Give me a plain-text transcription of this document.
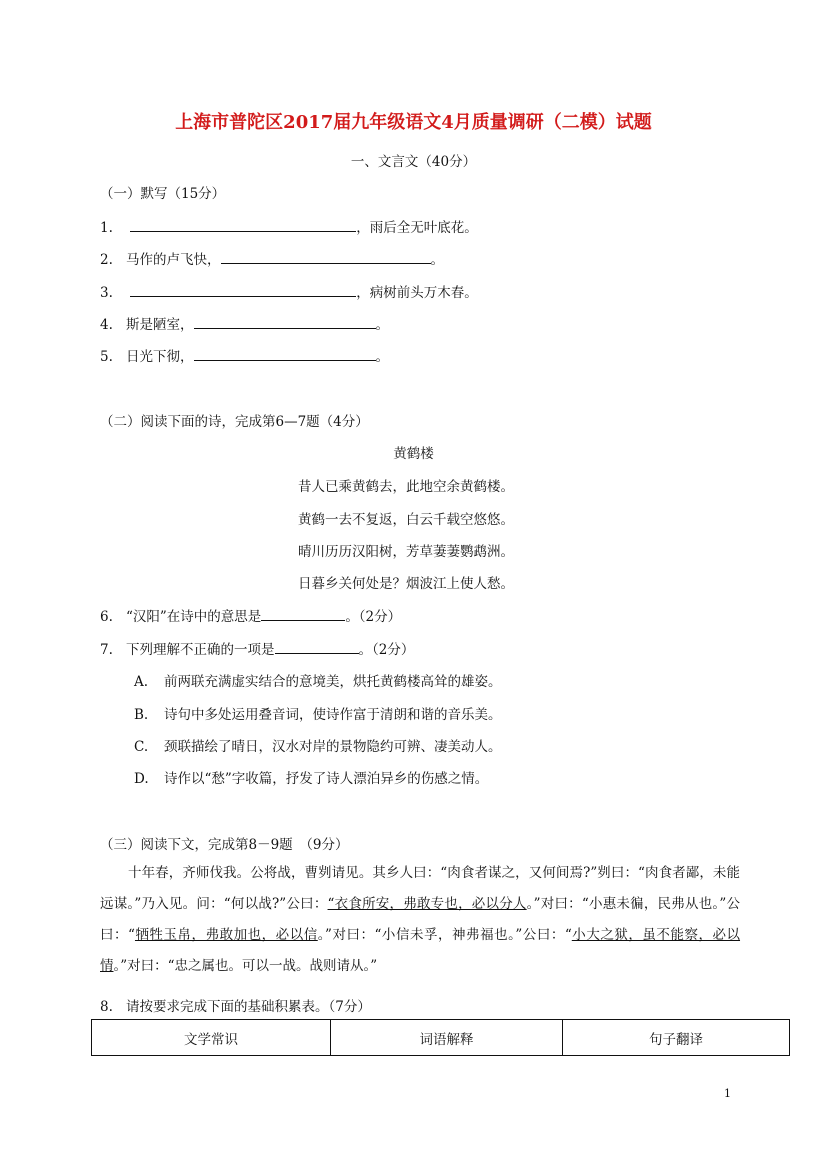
上海市普陀区2017届九年级语文4月质量调研（二模）试题
一、文言文（40分）
（一）默写（15分）
1.	，雨后全无叶底花。
2. 马作的卢飞快，	。
3.	，病树前头万木春。
4. 斯是陋室，	。
5. 日光下彻，	。
（二）阅读下面的诗，完成第6—7题（4分）
黄鹤楼
昔人已乘黄鹤去，此地空余黄鹤楼。
黄鹤一去不复返，白云千载空悠悠。
晴川历历汉阳树，芳草萋萋鹦鹉洲。
日暮乡关何处是？烟波江上使人愁。
6. “汉阳”在诗中的意思是	。（2分）
7. 下列理解不正确的一项是	。（2分）
A. 前两联充满虚实结合的意境美，烘托黄鹤楼高耸的雄姿。
B. 诗句中多处运用叠音词，使诗作富于清朗和谐的音乐美。
C. 颈联描绘了晴日，汉水对岸的景物隐约可辨、凄美动人。
D. 诗作以“愁”字收篇，抒发了诗人漂泊异乡的伤感之情。
（三）阅读下文，完成第8－9题　（9分）
十年春，齐师伐我。公将战，曹刿请见。其乡人曰：“肉食者谋之，又何间焉?”刿曰：“肉食者鄙，未能远谋。”乃入见。问：“何以战?”公曰：“衣食所安，弗敢专也，必以分人。”对曰：“小惠未徧，民弗从也。”公曰：“牺牲玉帛，弗敢加也，必以信。”对曰：“小信未孚，神弗福也。”公曰：“小大之狱，虽不能察，必以情。”对曰：“忠之属也。可以一战。战则请从。”
8. 请按要求完成下面的基础积累表。（7分）
文学常识	词语解释	句子翻译
1
